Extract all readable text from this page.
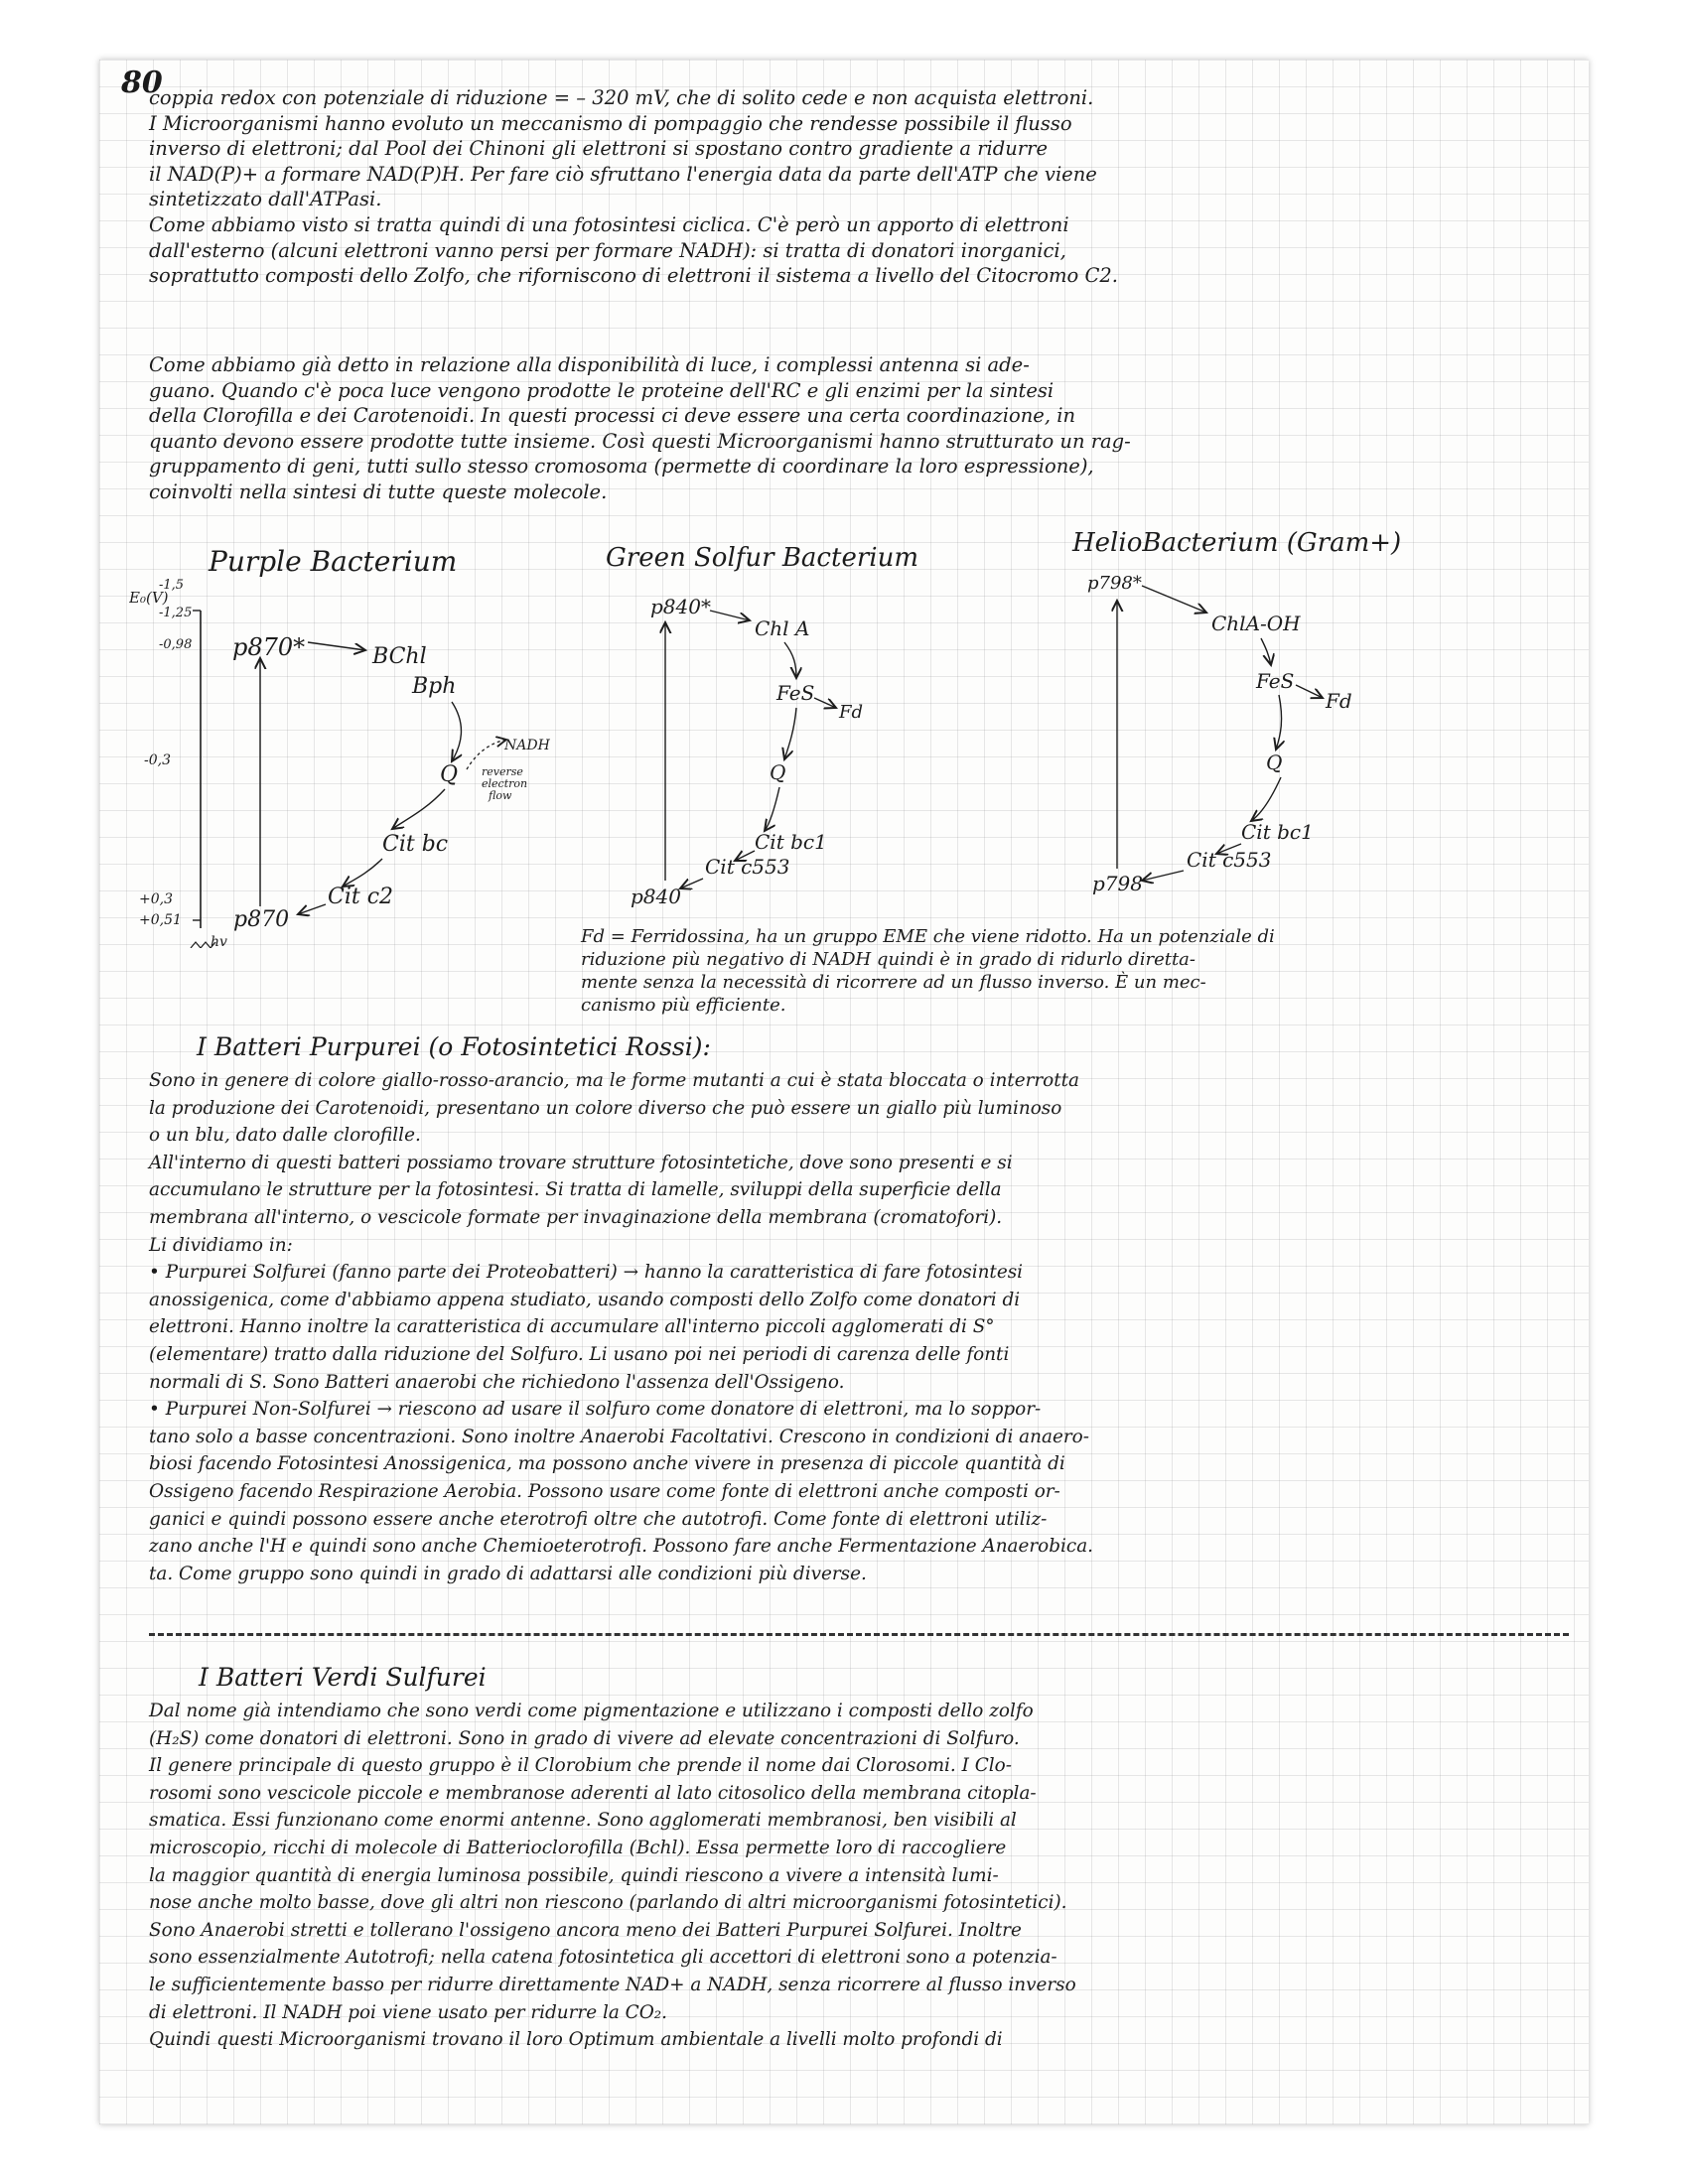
80

coppia redox con potenziale di riduzione = – 320 mV, che di solito cede e non acquista elettroni.

I Microorganismi hanno evoluto un meccanismo di pompaggio che rendesse possibile il flusso

inverso di elettroni; dal Pool dei Chinoni gli elettroni si spostano contro gradiente a ridurre

il NAD(P)+ a formare NAD(P)H. Per fare ciò sfruttano l'energia data da parte dell'ATP che viene

sintetizzato dall'ATPasi.

Come abbiamo visto si tratta quindi di una fotosintesi ciclica. C'è però un apporto di elettroni

dall'esterno (alcuni elettroni vanno persi per formare NADH): si tratta di donatori inorganici,

soprattutto composti dello Zolfo, che riforniscono di elettroni il sistema a livello del Citocromo C2.

Come abbiamo già detto in relazione alla disponibilità di luce, i complessi antenna si ade-

guano. Quando c'è poca luce vengono prodotte le proteine dell'RC e gli enzimi per la sintesi

della Clorofilla e dei Carotenoidi. In questi processi ci deve essere una certa coordinazione, in

quanto devono essere prodotte tutte insieme. Così questi Microorganismi hanno strutturato un rag-

gruppamento di geni, tutti sullo stesso cromosoma (permette di coordinare la loro espressione),

coinvolti nella sintesi di tutte queste molecole.

Purple Bacterium
E₀(V)
-1,5
-1,25
-0,98
-0,3
+0,3
+0,51
p870*	BChl
Bph
Q
NADH
reverse
electron
flow
Cit bc
Cit c2
p870
hv
Green Solfur Bacterium
p840*
Chl A
FeS
Fd
Q
Cit bc1
Cit c553
p840
HelioBacterium (Gram+)
p798*
ChlA-OH
FeS
Fd
Q
Cit bc1
Cit c553
p798

Fd = Ferridossina, ha un gruppo EME che viene ridotto. Ha un potenziale di

riduzione più negativo di NADH quindi è in grado di ridurlo diretta-

mente senza la necessità di ricorrere ad un flusso inverso. È un mec-

canismo più efficiente.

I Batteri Purpurei (o Fotosintetici Rossi):

Sono in genere di colore giallo-rosso-arancio, ma le forme mutanti a cui è stata bloccata o interrotta

la produzione dei Carotenoidi, presentano un colore diverso che può essere un giallo più luminoso

o un blu, dato dalle clorofille.

All'interno di questi batteri possiamo trovare strutture fotosintetiche, dove sono presenti e si

accumulano le strutture per la fotosintesi. Si tratta di lamelle, sviluppi della superficie della

membrana all'interno, o vescicole formate per invaginazione della membrana (cromatofori).

Li dividiamo in:

• Purpurei Solfurei (fanno parte dei Proteobatteri) → hanno la caratteristica di fare fotosintesi

anossigenica, come d'abbiamo appena studiato, usando composti dello Zolfo come donatori di

elettroni. Hanno inoltre la caratteristica di accumulare all'interno piccoli agglomerati di S°

(elementare) tratto dalla riduzione del Solfuro. Li usano poi nei periodi di carenza delle fonti

normali di S. Sono Batteri anaerobi che richiedono l'assenza dell'Ossigeno.

• Purpurei Non-Solfurei → riescono ad usare il solfuro come donatore di elettroni, ma lo soppor-

tano solo a basse concentrazioni. Sono inoltre Anaerobi Facoltativi. Crescono in condizioni di anaero-

biosi facendo Fotosintesi Anossigenica, ma possono anche vivere in presenza di piccole quantità di

Ossigeno facendo Respirazione Aerobia. Possono usare come fonte di elettroni anche composti or-

ganici e quindi possono essere anche eterotrofi oltre che autotrofi. Come fonte di elettroni utiliz-

zano anche l'H e quindi sono anche Chemioeterotrofi. Possono fare anche Fermentazione Anaerobica.

ta. Come gruppo sono quindi in grado di adattarsi alle condizioni più diverse.

I Batteri Verdi Sulfurei

Dal nome già intendiamo che sono verdi come pigmentazione e utilizzano i composti dello zolfo

(H₂S) come donatori di elettroni. Sono in grado di vivere ad elevate concentrazioni di Solfuro.

Il genere principale di questo gruppo è il Clorobium che prende il nome dai Clorosomi. I Clo-

rosomi sono vescicole piccole e membranose aderenti al lato citosolico della membrana citopla-

smatica. Essi funzionano come enormi antenne. Sono agglomerati membranosi, ben visibili al

microscopio, ricchi di molecole di Batterioclorofilla (Bchl). Essa permette loro di raccogliere

la maggior quantità di energia luminosa possibile, quindi riescono a vivere a intensità lumi-

nose anche molto basse, dove gli altri non riescono (parlando di altri microorganismi fotosintetici).

Sono Anaerobi stretti e tollerano l'ossigeno ancora meno dei Batteri Purpurei Solfurei. Inoltre

sono essenzialmente Autotrofi; nella catena fotosintetica gli accettori di elettroni sono a potenzia-

le sufficientemente basso per ridurre direttamente NAD+ a NADH, senza ricorrere al flusso inverso

di elettroni. Il NADH poi viene usato per ridurre la CO₂.

Quindi questi Microorganismi trovano il loro Optimum ambientale a livelli molto profondi di
